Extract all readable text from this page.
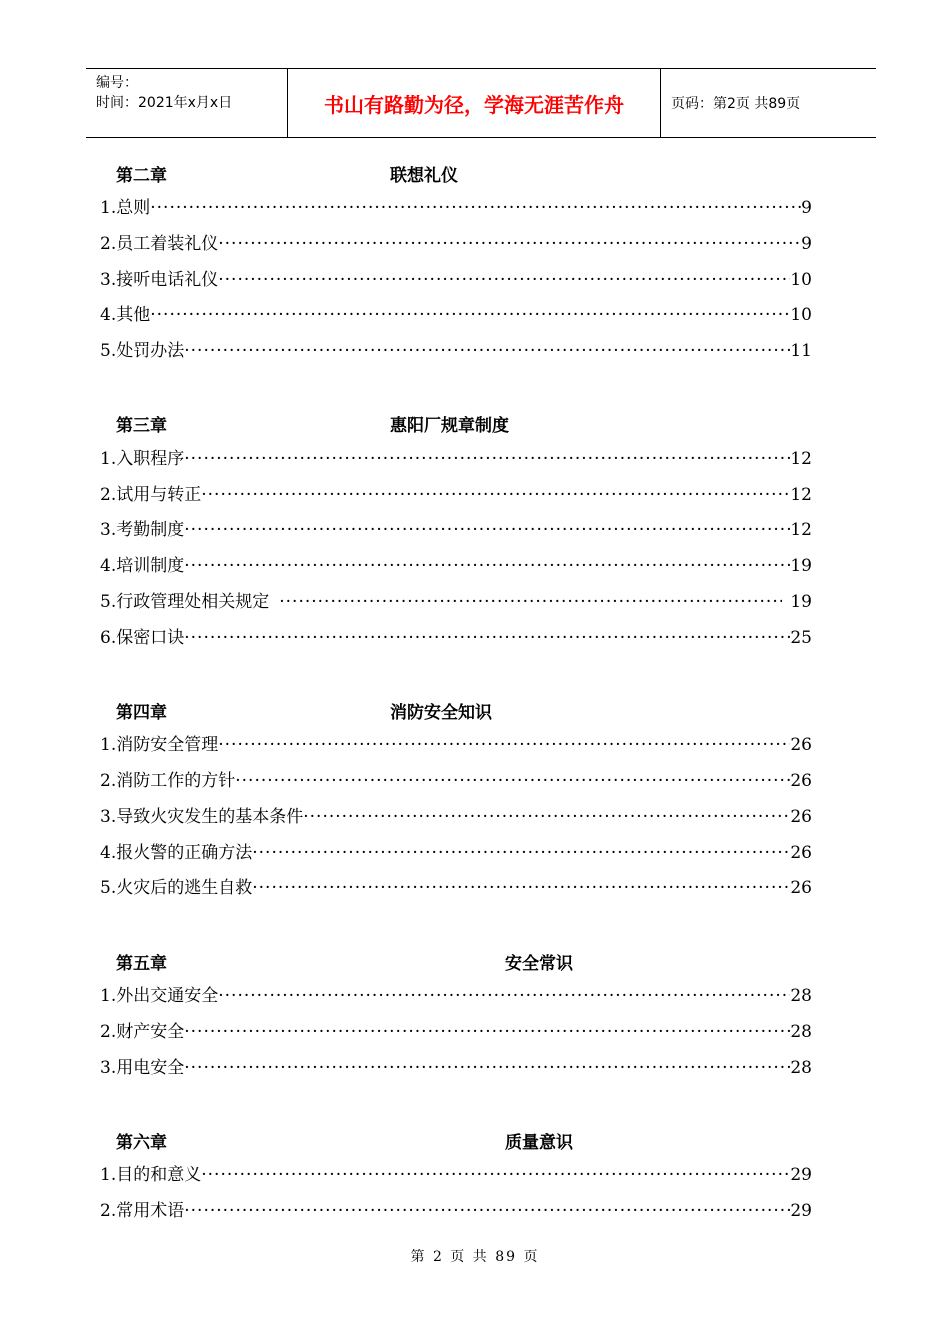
编号：
时间：2021年x月x日	书山有路勤为径，学海无涯苦作舟	页码：第2页 共89页
第二章	联想礼仪
1. 总则 ·····	9
2. 员工着装礼仪 ·····	9
3. 接听电话礼仪 ·····	10
4. 其他 ·····	10
5. 处罚办法 ·····	11
第三章	惠阳厂规章制度
1. 入职程序 ·····	12
2. 试用与转正 ·····	12
3. 考勤制度 ·····	12
4. 培训制度 ·····	19
5. 行政管理处相关规定 ·····	19
6. 保密口诀 ·····	25
第四章	消防安全知识
1. 消防安全管理 ·····	26
2. 消防工作的方针 ·····	26
3. 导致火灾发生的基本条件 ·····	26
4. 报火警的正确方法 ·····	26
5. 火灾后的逃生自救 ·····	26
第五章	安全常识
1. 外出交通安全 ·····	28
2. 财产安全 ·····	28
3. 用电安全 ·····	28
第六章	质量意识
1. 目的和意义 ·····	29
2. 常用术语 ·····	29
第 2 页 共 89 页
